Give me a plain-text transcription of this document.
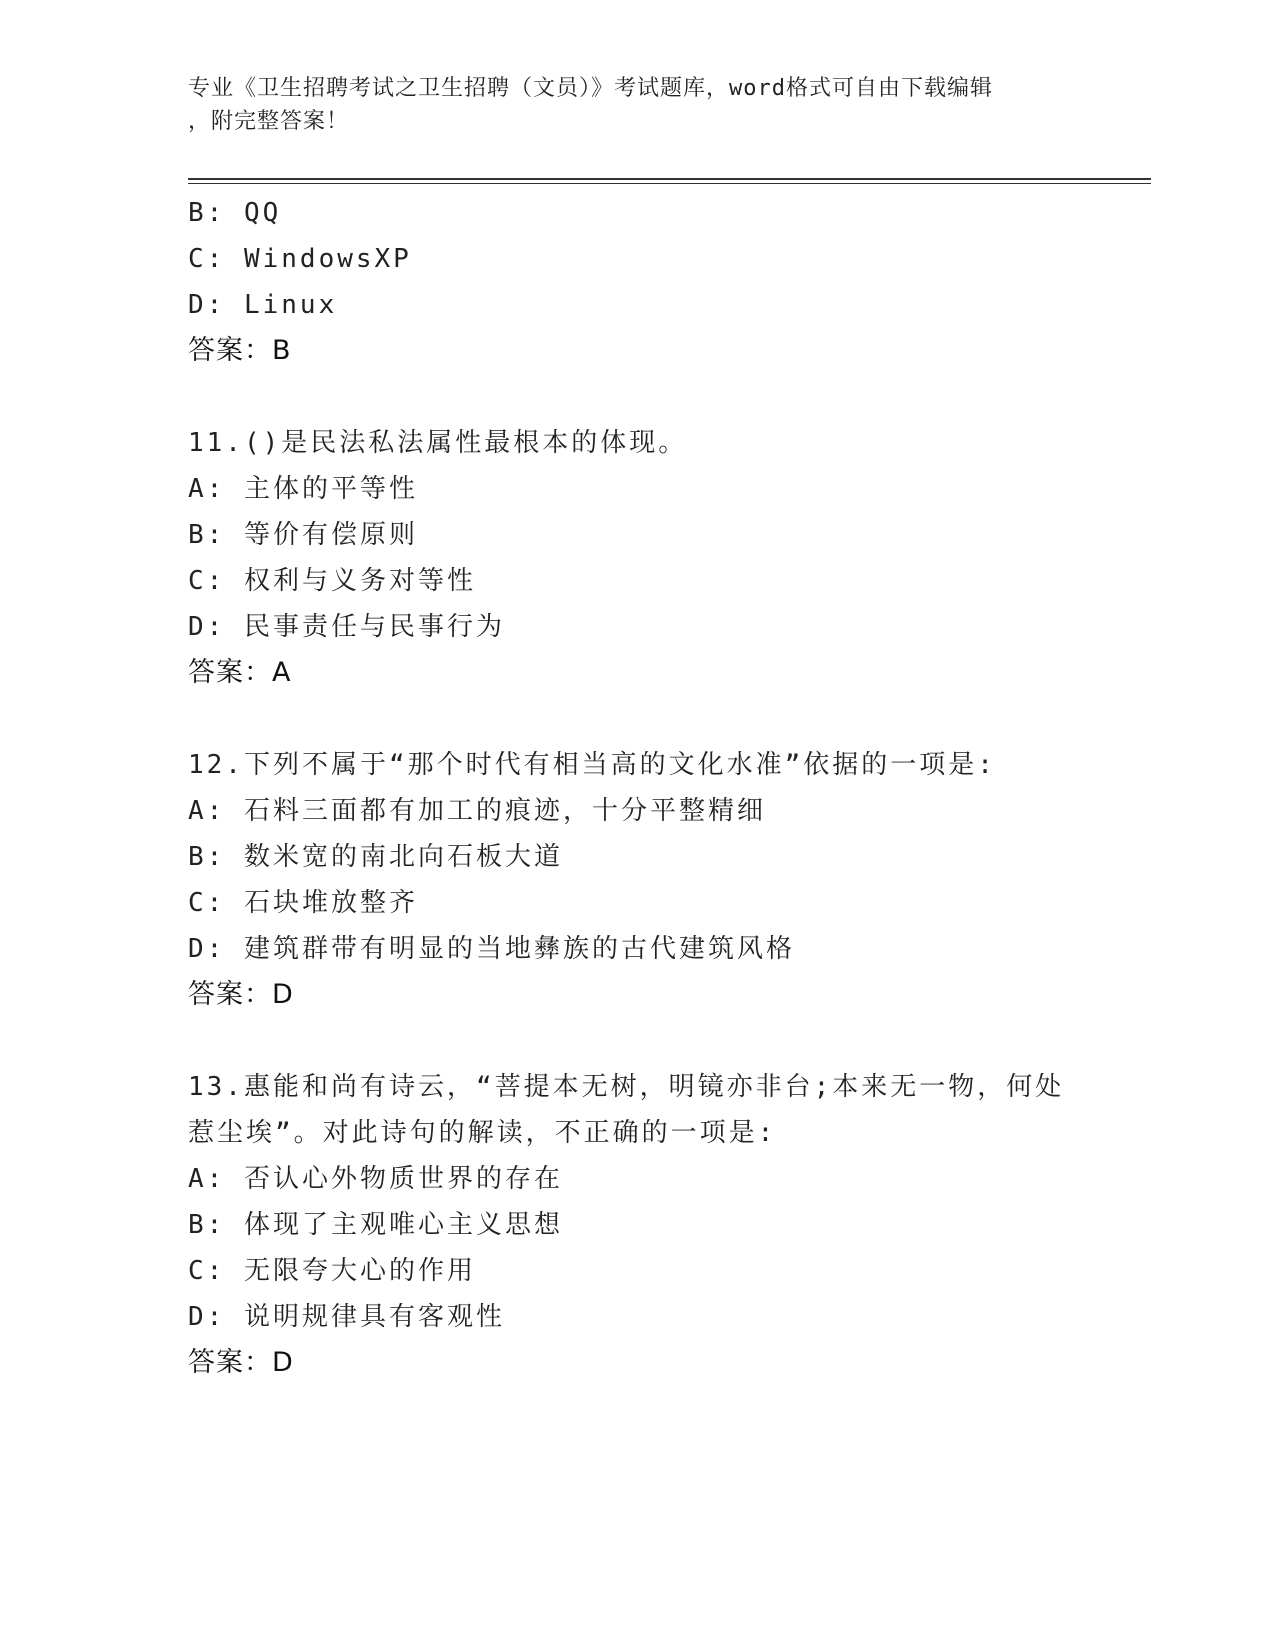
专业《卫生招聘考试之卫生招聘（文员）》考试题库，word格式可自由下载编辑
，附完整答案！
B: QQ
C: WindowsXP
D: Linux
答案：B
11.()是民法私法属性最根本的体现。
A: 主体的平等性
B: 等价有偿原则
C: 权利与义务对等性
D: 民事责任与民事行为
答案：A
12.下列不属于“那个时代有相当高的文化水准”依据的一项是:
A: 石料三面都有加工的痕迹，十分平整精细
B: 数米宽的南北向石板大道
C: 石块堆放整齐
D: 建筑群带有明显的当地彝族的古代建筑风格
答案：D
13.惠能和尚有诗云，“菩提本无树，明镜亦非台;本来无一物，何处
惹尘埃”。对此诗句的解读，不正确的一项是:
A: 否认心外物质世界的存在
B: 体现了主观唯心主义思想
C: 无限夸大心的作用
D: 说明规律具有客观性
答案：D
